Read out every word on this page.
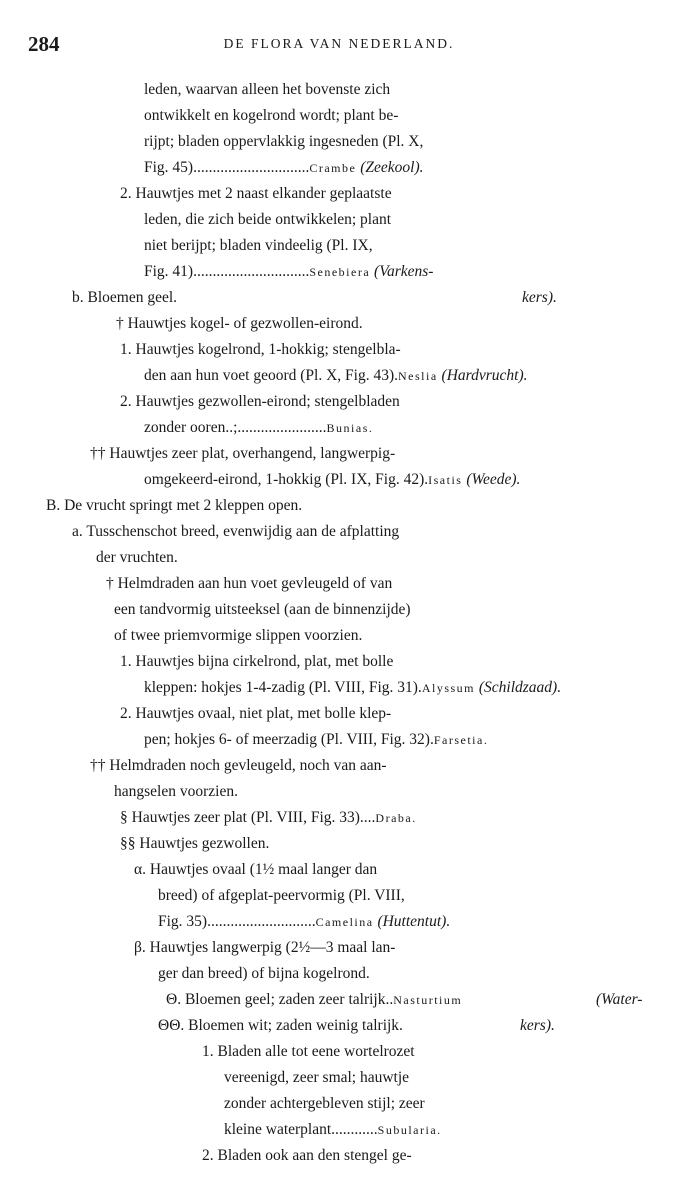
284	DE FLORA VAN NEDERLAND.
leden, waarvan alleen het bovenste zich
ontwikkelt en kogelrond wordt; plant be-
rijpt; bladen oppervlakkig ingesneden (Pl. X,
Fig. 45)..............................Crambe (Zeekool).
2. Hauwtjes met 2 naast elkander geplaatste
leden, die zich beide ontwikkelen; plant
niet berijpt; bladen vindeelig (Pl. IX,
Fig. 41)..............................Senebiera (Varkens-
b. Bloemen geel.	kers).
† Hauwtjes kogel- of gezwollen-eirond.
1. Hauwtjes kogelrond, 1-hokkig; stengelbla-
den aan hun voet geoord (Pl. X, Fig. 43).Neslia (Hardvrucht).
2. Hauwtjes gezwollen-eirond; stengelbladen
zonder ooren..;.......................Bunias.
†† Hauwtjes zeer plat, overhangend, langwerpig-
omgekeerd-eirond, 1-hokkig (Pl. IX, Fig. 42).Isatis (Weede).
B. De vrucht springt met 2 kleppen open.
a. Tusschenschot breed, evenwijdig aan de afplatting
der vruchten.
† Helmdraden aan hun voet gevleugeld of van
een tandvormig uitsteeksel (aan de binnenzijde)
of twee priemvormige slippen voorzien.
1. Hauwtjes bijna cirkelrond, plat, met bolle
kleppen: hokjes 1-4-zadig (Pl. VIII, Fig. 31).Alyssum (Schildzaad).
2. Hauwtjes ovaal, niet plat, met bolle klep-
pen; hokjes 6- of meerzadig (Pl. VIII, Fig. 32).Farsetia.
†† Helmdraden noch gevleugeld, noch van aan-
hangselen voorzien.
§ Hauwtjes zeer plat (Pl. VIII, Fig. 33)....Draba.
§§ Hauwtjes gezwollen.
α. Hauwtjes ovaal (1½ maal langer dan
breed) of afgeplat-peervormig (Pl. VIII,
Fig. 35)............................Camelina (Huttentut).
β. Hauwtjes langwerpig (2½—3 maal lan-
ger dan breed) of bijna kogelrond.
Θ. Bloemen geel; zaden zeer talrijk..Nasturtium	(Water-
ΘΘ. Bloemen wit; zaden weinig talrijk.	kers).
1. Bladen alle tot eene wortelrozet
vereenigd, zeer smal; hauwtje
zonder achtergebleven stijl; zeer
kleine waterplant............Subularia.
2. Bladen ook aan den stengel ge-
